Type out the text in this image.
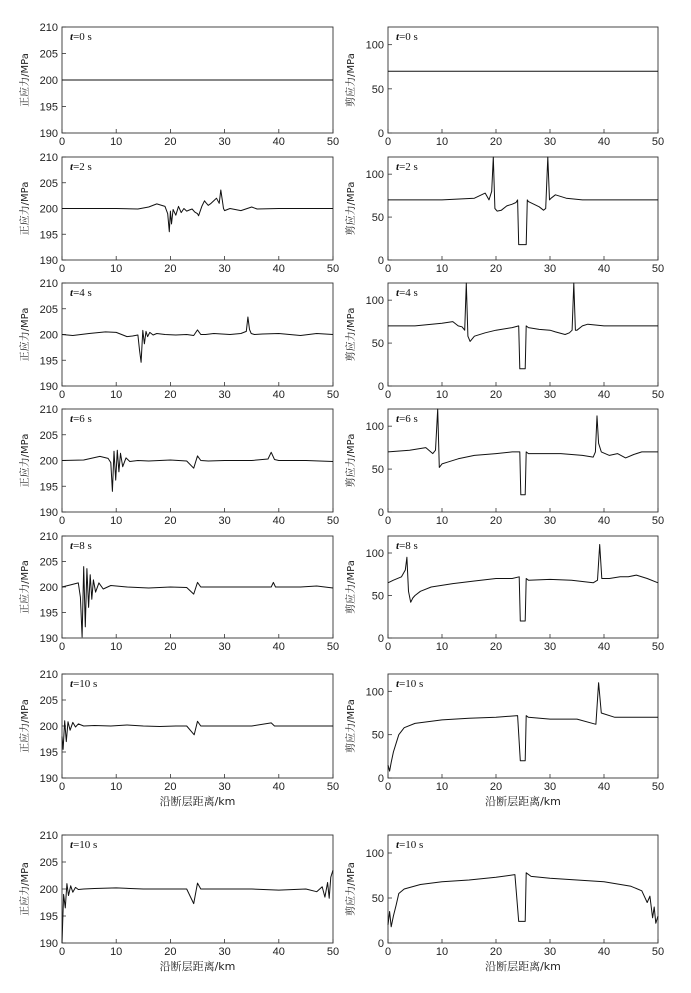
0	10	20	30	40	50
190
195
200
205
210
正应力/MPa
t=0 s
0	10	20	30	40	50
0
50
100
剪应力/MPa
t=0 s
0	10	20	30	40	50
190
195
200
205
210
正应力/MPa
t=2 s
0	10	20	30	40	50
0
50
100
剪应力/MPa
t=2 s
0	10	20	30	40	50
190
195
200
205
210
正应力/MPa
t=4 s
0	10	20	30	40	50
0
50
100
剪应力/MPa
t=4 s
0	10	20	30	40	50
190
195
200
205
210
正应力/MPa
t=6 s
0	10	20	30	40	50
0
50
100
剪应力/MPa
t=6 s
0	10	20	30	40	50
190
195
200
205
210
正应力/MPa
t=8 s
0	10	20	30	40	50
0
50
100
剪应力/MPa
t=8 s
0	10	20	30	40	50
190
195
200
205
210
正应力/MPa
t=10 s
沿断层距离/km
0	10	20	30	40	50
0
50
100
剪应力/MPa
t=10 s
沿断层距离/km
0	10	20	30	40	50
190
195
200
205
210
正应力/MPa
t=10 s
沿断层距离/km
0	10	20	30	40	50
0
50
100
剪应力/MPa
t=10 s
沿断层距离/km
